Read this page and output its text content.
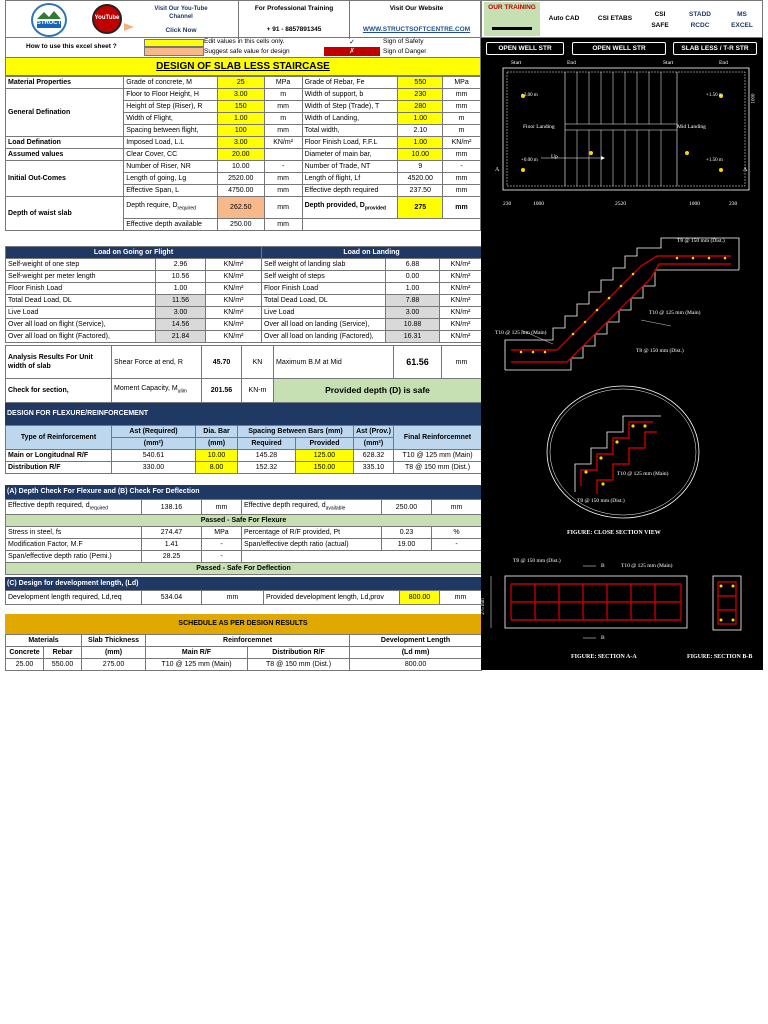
STRUCT
YouTube
Visit Our You-Tube Channel
Click Now
For Professional Training
+ 91 - 8857891345
Visit Our Website
WWW.STRUCTSOFTCENTRE.COM
How to use this excel sheet ?
Edit values in this cells only.
Suggest safe value for design
✓
✗
Sign of Safety
Sign of Danger
DESIGN OF SLAB LESS STAIRCASE
Material Properties	Grade of concrete, M	25	MPa	Grade of Rebar, Fe	550	MPa
General Defination	Floor to Floor Height, H	3.00	m	Width of support, b	230	mm
	Height of Step (Riser), R	150	mm	Width of Step (Trade), T	280	mm
	Width of Flight,	1.00	m	Width of Landing,	1.00	m
	Spacing between flight,	100	mm	Total width,	2.10	m
Load Defination	Imposed Load, L.L	3.00	KN/m²	Floor Finish Load, F.F.L	1.00	KN/m²
Assumed values	Clear Cover, CC	20.00		Diameter of main bar,	10.00	mm
Initial Out-Comes	Number of Riser, NR	10.00	-	Number of Trade, NT	9	-
	Length of going, Lg	2520.00	mm	Length of flight, Lf	4520.00	mm
	Effective Span, L	4750.00	mm	Effective depth required	237.50	mm
Depth of waist slab	Depth require, $D_{required}$	262.50	mm	Depth provided, $D_{provided}$	275	mm
	Effective depth available	250.00	mm			
Load on Going or Flight			Load on Landing		
Self-weight of one step	2.96	KN/m²	Self weight of landing slab	6.88	KN/m²
Self-weight per meter length	10.56	KN/m²	Self weight of steps	0.00	KN/m²
Floor Finish Load	1.00	KN/m²	Floor Finish Load	1.00	KN/m²
Total Dead Load, DL	11.56	KN/m²	Total Dead Load, DL	7.88	KN/m²
Live Load	3.00	KN/m²	Live Load	3.00	KN/m²
Over all load on flight (Service),	14.56	KN/m²	Over all load on landing (Service),	10.88	KN/m²
Over all load on flight (Factored),	21.84	KN/m²	Over all load on landing (Factored),	16.31	KN/m²
Analysis Results For Unit width of slab	Shear Force at end, R	45.70	KN	Maximum B.M at Mid	61.56	mm
Check for section,	Moment Capacity, $M_{ulim}$	201.56	KN-m	Provided depth (D) is safe		
DESIGN FOR FLEXURE/REINFORCEMENT
Type of Reinforcement	Ast (Required)	Dia. Bar	Spacing Between Bars (mm)		Ast (Prov.)	Final Reinforcemnet
	(mm²)	(mm)	Required	Provided	(mm²)	
Main or Longitudnal R/F	540.61	10.00	145.28	125.00	628.32	T10 @ 125 mm (Main)
Distribution R/F	330.00	8.00	152.32	150.00	335.10	T8 @ 150 mm (Dist.)
(A) Depth Check For Flexure and (B) Check For Deflection
Effective depth required, $d_{required}$	138.16	mm	Effective depth required, $d_{available}$	250.00	mm
Passed - Safe For Flexure					
Stress in steel, fs	274.47	MPa	Percentage of R/F provided, Pt	0.23	%
Modification Factor, M.F	1.41	-	Span/effective depth ratio (actual)	19.00	-
Span/effective depth ratio (Pemi.)	28.25	-			
Passed - Safe For Deflection					
(C) Design for development length, (Ld)
Development length required, Ld,req	534.04	mm	Provided development length, Ld,prov	800.00	mm
SCHEDULE AS PER DESIGN RESULTS
Materials		Slab Thickness	Reinforcemnet		Development Length
Concrete	Rebar	(mm)	Main R/F	Distribution R/F	(Ld mm)
25.00	550.00	275.00	T10 @ 125 mm (Main)	T8 @ 150 mm (Dist.)	800.00
OUR TRAINING
Auto CAD	CSI ETABS
CSI
SAFE
STADD
RCDC
MS
EXCEL
OPEN WELL STR	OPEN WELL STR	SLAB LESS / T-R STR
A	A
Start	End	Start	End
+3.00 m	+1.50 m
+0.00 m	+1.50 m
Floor Landing	Mid Landing
Up
230	1000	2520	1000	230
1000
T8 @ 150 mm (Dist.)
T10 @ 125 mm (Main)
T10 @ 125 mm (Main)
T8 @ 150 mm (Dist.)
T10 @ 125 mm (Main)
T8 @ 150 mm (Dist.)
FIGURE: CLOSE SECTION VIEW
T8 @ 150 mm (Dist.)
T10 @ 125 mm (Main)
B
B
275 mm
FIGURE: SECTION A-A	FIGURE: SECTION B-B
